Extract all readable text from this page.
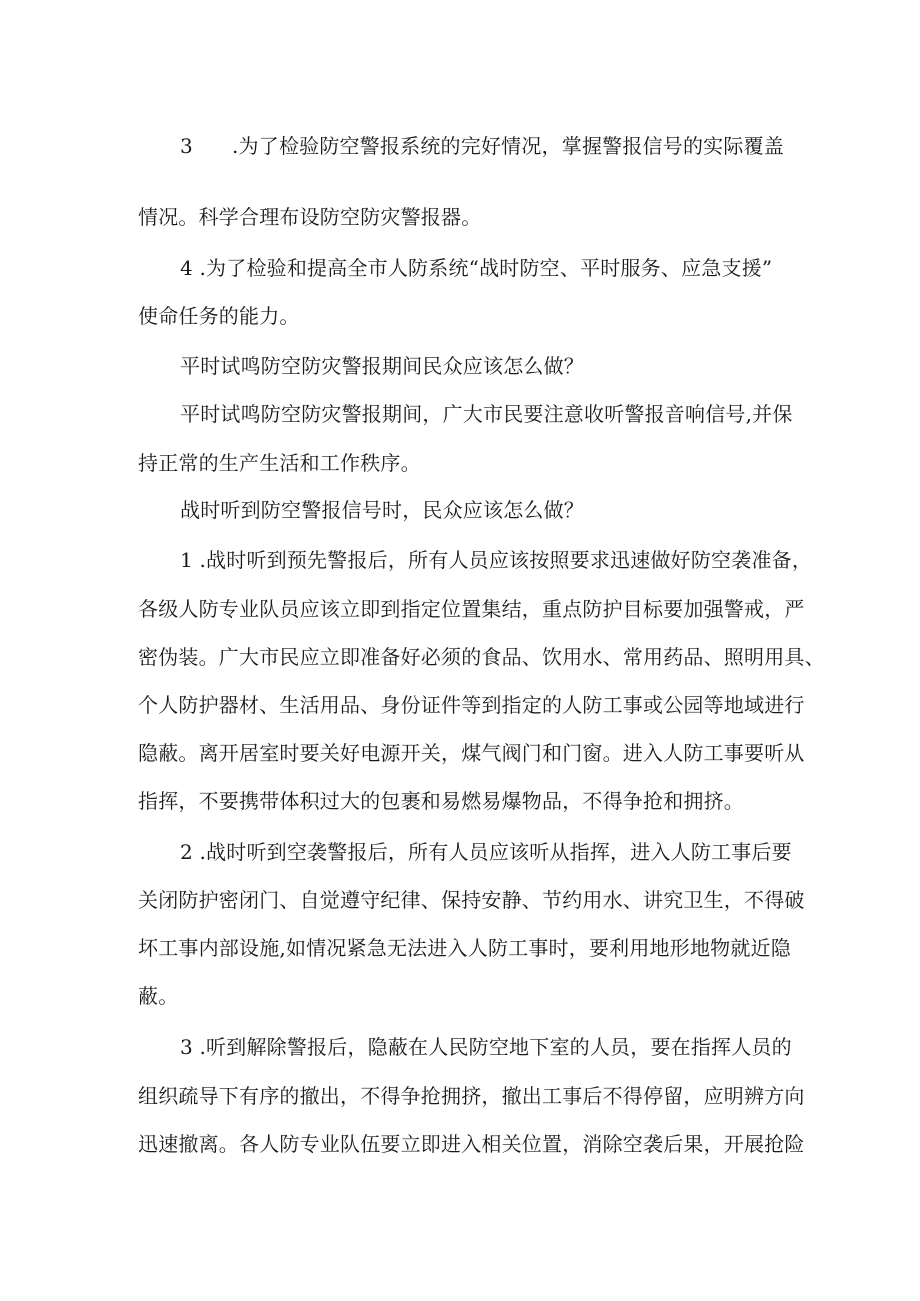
3 .为了检验防空警报系统的完好情况，掌握警报信号的实际覆盖
情况。科学合理布设防空防灾警报器。
4 .为了检验和提高全市人防系统“战时防空、平时服务、应急支援”
使命任务的能力。
平时试鸣防空防灾警报期间民众应该怎么做？
平时试鸣防空防灾警报期间，广大市民要注意收听警报音响信号,并保
持正常的生产生活和工作秩序。
战时听到防空警报信号时，民众应该怎么做？
1 .战时听到预先警报后，所有人员应该按照要求迅速做好防空袭准备，
各级人防专业队员应该立即到指定位置集结，重点防护目标要加强警戒，严
密伪装。广大市民应立即准备好必须的食品、饮用水、常用药品、照明用具、
个人防护器材、生活用品、身份证件等到指定的人防工事或公园等地域进行
隐蔽。离开居室时要关好电源开关，煤气阀门和门窗。进入人防工事要听从
指挥，不要携带体积过大的包裹和易燃易爆物品，不得争抢和拥挤。
2 .战时听到空袭警报后，所有人员应该听从指挥，进入人防工事后要
关闭防护密闭门、自觉遵守纪律、保持安静、节约用水、讲究卫生，不得破
坏工事内部设施,如情况紧急无法进入人防工事时，要利用地形地物就近隐
蔽。
3 .听到解除警报后，隐蔽在人民防空地下室的人员，要在指挥人员的
组织疏导下有序的撤出，不得争抢拥挤，撤出工事后不得停留，应明辨方向
迅速撤离。各人防专业队伍要立即进入相关位置，消除空袭后果，开展抢险
